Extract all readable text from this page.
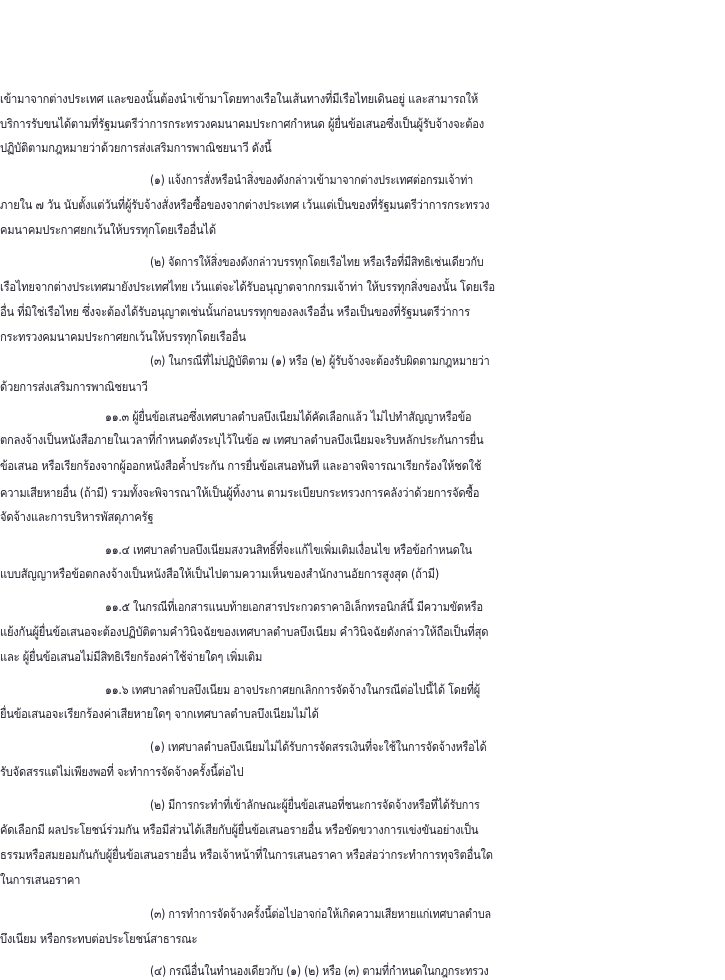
เข้ามาจากต่างประเทศ และของนั้นต้องนำเข้ามาโดยทางเรือในเส้นทางที่มีเรือไทยเดินอยู่ และสามารถให้
บริการรับขนได้ตามที่รัฐมนตรีว่าการกระทรวงคมนาคมประกาศกำหนด ผู้ยื่นข้อเสนอซึ่งเป็นผู้รับจ้างจะต้อง
ปฏิบัติตามกฎหมายว่าด้วยการส่งเสริมการพาณิชยนาวี ดังนี้
(๑) แจ้งการสั่งหรือนำสิ่งของดังกล่าวเข้ามาจากต่างประเทศต่อกรมเจ้าท่า
ภายใน ๗ วัน นับตั้งแต่วันที่ผู้รับจ้างสั่งหรือซื้อของจากต่างประเทศ เว้นแต่เป็นของที่รัฐมนตรีว่าการกระทรวง
คมนาคมประกาศยกเว้นให้บรรทุกโดยเรืออื่นได้
(๒) จัดการให้สิ่งของดังกล่าวบรรทุกโดยเรือไทย หรือเรือที่มีสิทธิเช่นเดียวกับ
เรือไทยจากต่างประเทศมายังประเทศไทย เว้นแต่จะได้รับอนุญาตจากกรมเจ้าท่า ให้บรรทุกสิ่งของนั้น โดยเรือ
อื่น ที่มิใช่เรือไทย ซึ่งจะต้องได้รับอนุญาตเช่นนั้นก่อนบรรทุกของลงเรืออื่น หรือเป็นของที่รัฐมนตรีว่าการ
กระทรวงคมนาคมประกาศยกเว้นให้บรรทุกโดยเรืออื่น
(๓) ในกรณีที่ไม่ปฏิบัติตาม (๑) หรือ (๒) ผู้รับจ้างจะต้องรับผิดตามกฎหมายว่า
ด้วยการส่งเสริมการพาณิชยนาวี
๑๑.๓ ผู้ยื่นข้อเสนอซึ่งเทศบาลตำบลบึงเนียมได้คัดเลือกแล้ว ไม่ไปทำสัญญาหรือข้อ
ตกลงจ้างเป็นหนังสือภายในเวลาที่กำหนดดังระบุไว้ในข้อ ๗ เทศบาลตำบลบึงเนียมจะริบหลักประกันการยื่น
ข้อเสนอ หรือเรียกร้องจากผู้ออกหนังสือค้ำประกัน การยื่นข้อเสนอทันที และอาจพิจารณาเรียกร้องให้ชดใช้
ความเสียหายอื่น (ถ้ามี) รวมทั้งจะพิจารณาให้เป็นผู้ทิ้งงาน ตามระเบียบกระทรวงการคลังว่าด้วยการจัดซื้อ
จัดจ้างและการบริหารพัสดุภาครัฐ
๑๑.๔ เทศบาลตำบลบึงเนียมสงวนสิทธิ์ที่จะแก้ไขเพิ่มเติมเงื่อนไข หรือข้อกำหนดใน
แบบสัญญาหรือข้อตกลงจ้างเป็นหนังสือให้เป็นไปตามความเห็นของสำนักงานอัยการสูงสุด (ถ้ามี)
๑๑.๕ ในกรณีที่เอกสารแนบท้ายเอกสารประกวดราคาอิเล็กทรอนิกส์นี้ มีความขัดหรือ
แย้งกันผู้ยื่นข้อเสนอจะต้องปฏิบัติตามคำวินิจฉัยของเทศบาลตำบลบึงเนียม คำวินิจฉัยดังกล่าวให้ถือเป็นที่สุด
และ ผู้ยื่นข้อเสนอไม่มีสิทธิเรียกร้องค่าใช้จ่ายใดๆ เพิ่มเติม
๑๑.๖ เทศบาลตำบลบึงเนียม อาจประกาศยกเลิกการจัดจ้างในกรณีต่อไปนี้ได้ โดยที่ผู้
ยื่นข้อเสนอจะเรียกร้องค่าเสียหายใดๆ จากเทศบาลตำบลบึงเนียมไม่ได้
(๑) เทศบาลตำบลบึงเนียมไม่ได้รับการจัดสรรเงินที่จะใช้ในการจัดจ้างหรือได้
รับจัดสรรแต่ไม่เพียงพอที่ จะทำการจัดจ้างครั้งนี้ต่อไป
(๒) มีการกระทำที่เข้าลักษณะผู้ยื่นข้อเสนอที่ชนะการจัดจ้างหรือที่ได้รับการ
คัดเลือกมี ผลประโยชน์ร่วมกัน หรือมีส่วนได้เสียกับผู้ยื่นข้อเสนอรายอื่น หรือขัดขวางการแข่งขันอย่างเป็น
ธรรมหรือสมยอมกันกับผู้ยื่นข้อเสนอรายอื่น หรือเจ้าหน้าที่ในการเสนอราคา หรือส่อว่ากระทำการทุจริตอื่นใด
ในการเสนอราคา
(๓) การทำการจัดจ้างครั้งนี้ต่อไปอาจก่อให้เกิดความเสียหายแก่เทศบาลตำบล
บึงเนียม หรือกระทบต่อประโยชน์สาธารณะ
(๔) กรณีอื่นในทำนองเดียวกับ (๑) (๒) หรือ (๓) ตามที่กำหนดในกฎกระทรวง
